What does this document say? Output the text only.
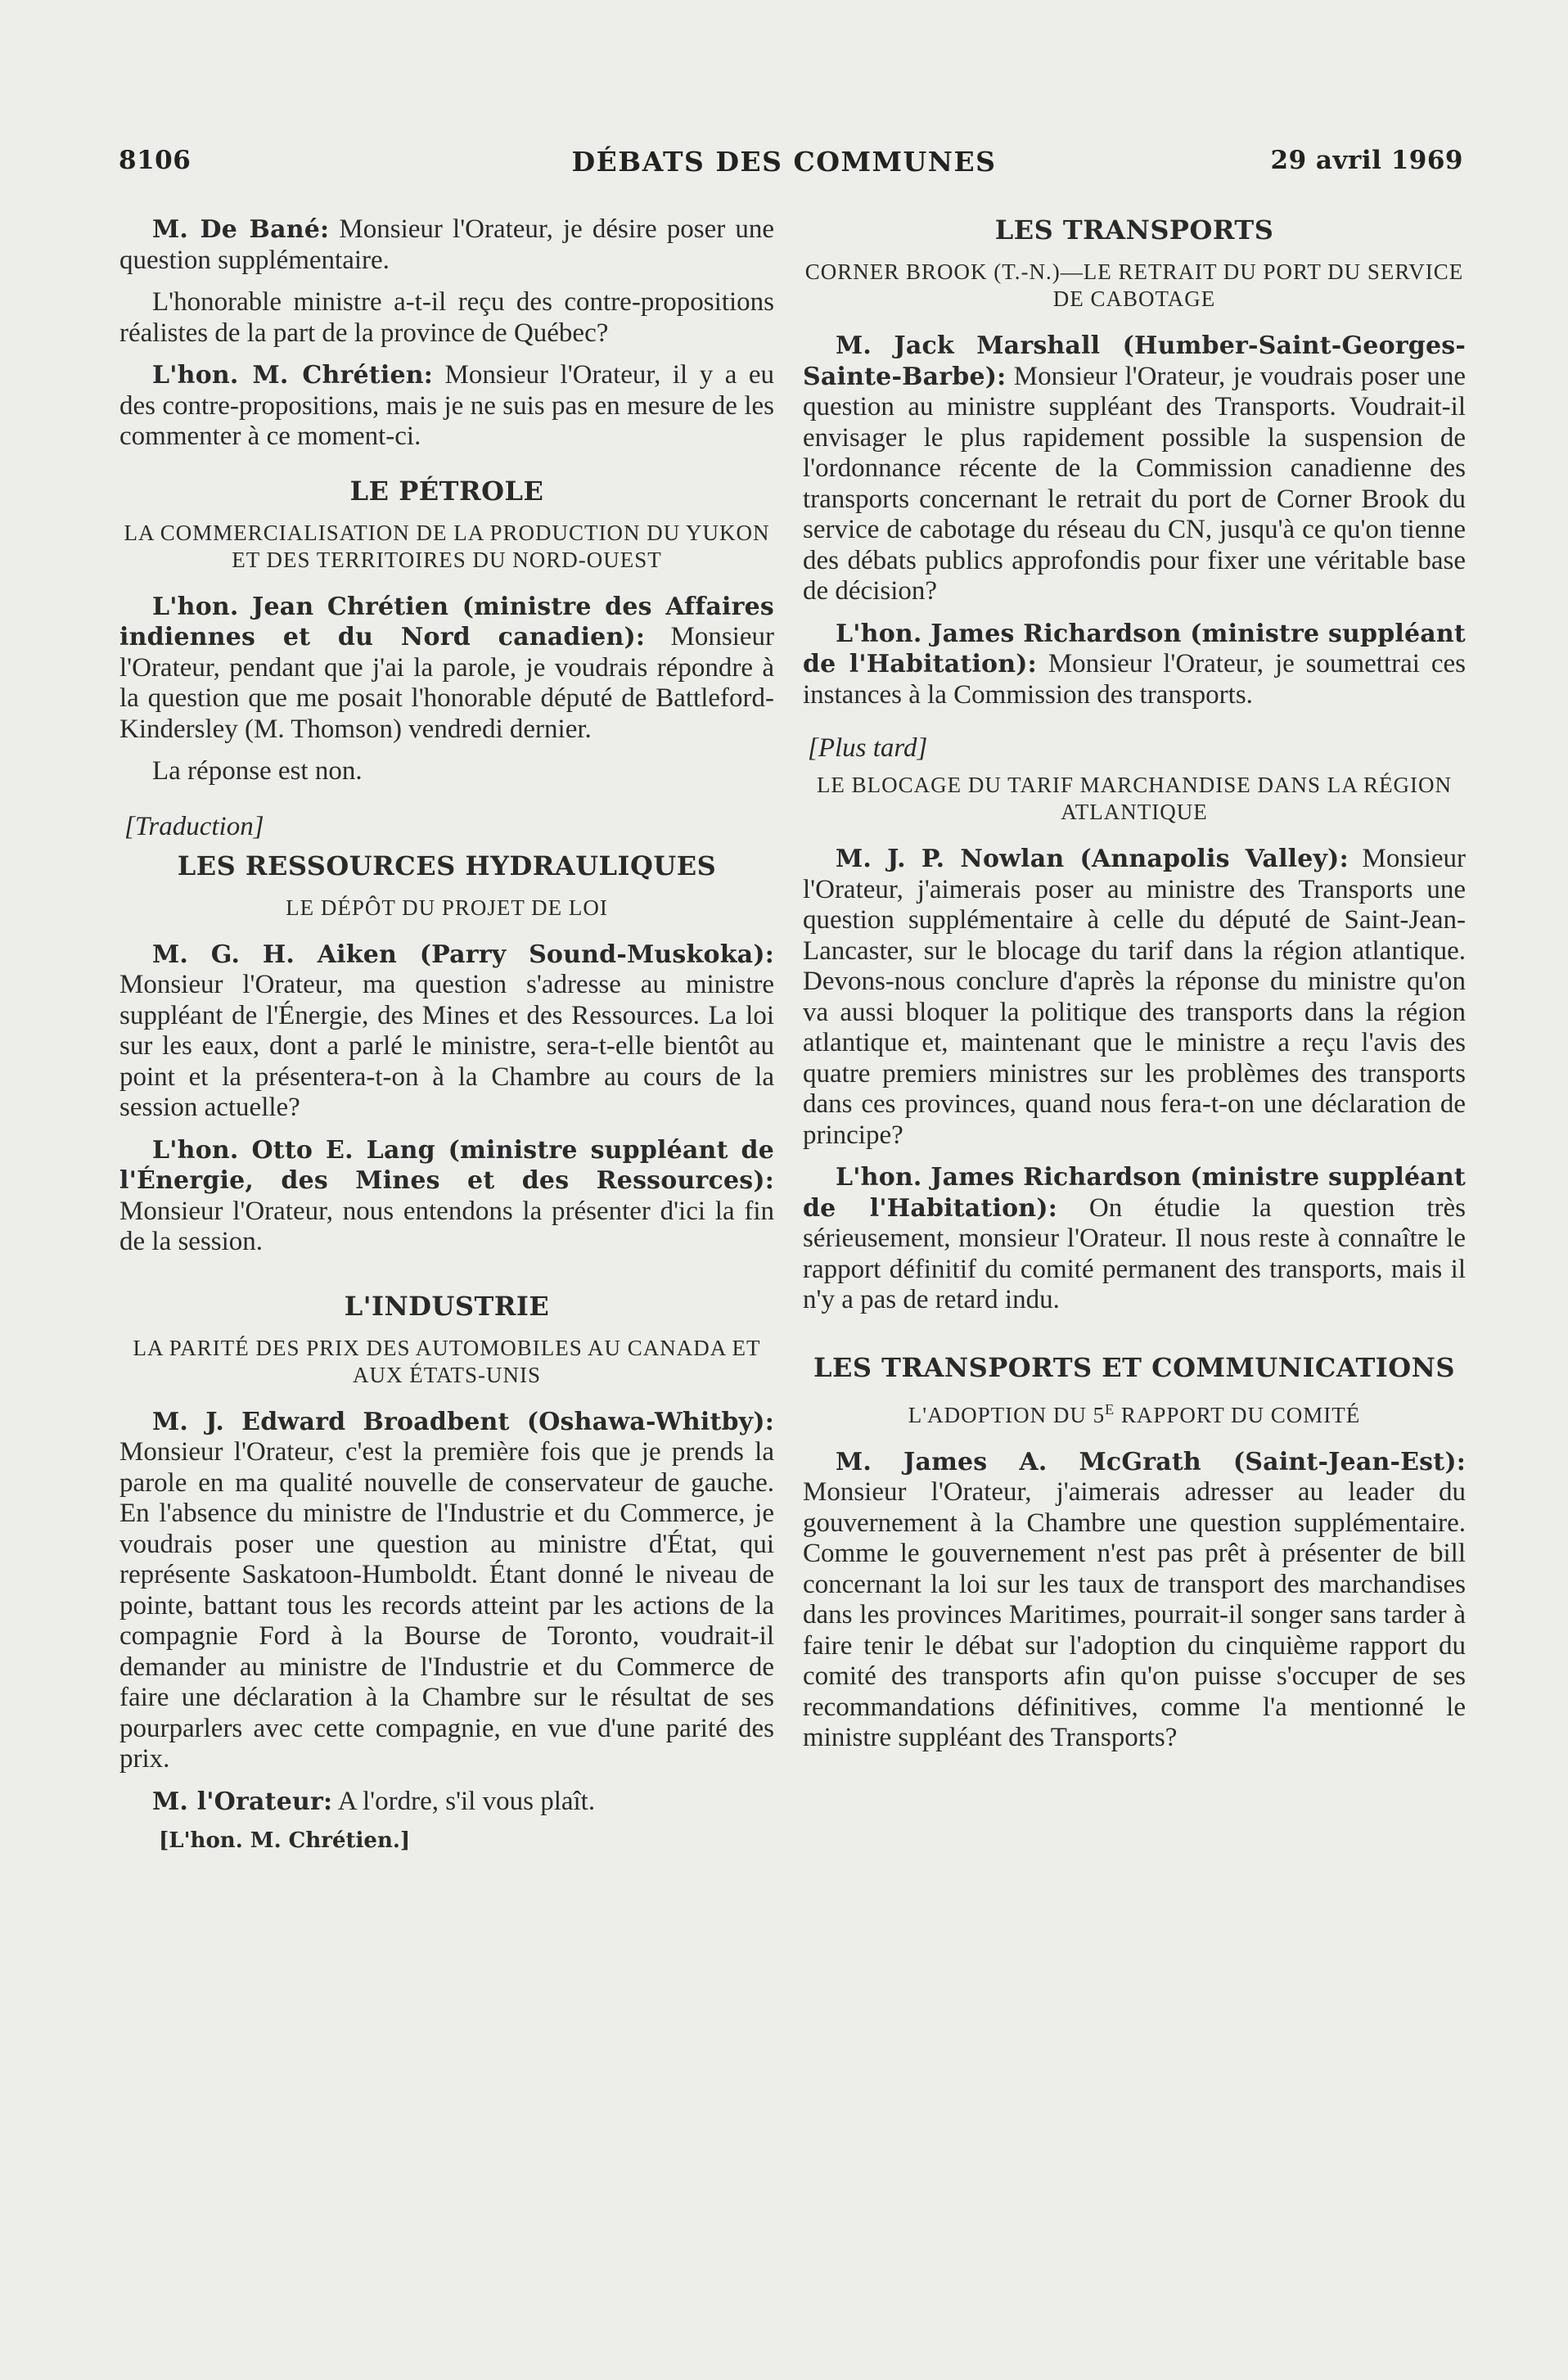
8106	DÉBATS DES COMMUNES	29 avril 1969

M. De Bané: Monsieur l'Orateur, je désire poser une question supplémentaire.

L'honorable ministre a-t-il reçu des contre-propositions réalistes de la part de la province de Québec?

L'hon. M. Chrétien: Monsieur l'Orateur, il y a eu des contre-propositions, mais je ne suis pas en mesure de les commenter à ce moment-ci.

LE PÉTROLE
LA COMMERCIALISATION DE LA PRODUCTION DU YUKON ET DES TERRITOIRES DU NORD-OUEST

L'hon. Jean Chrétien (ministre des Affaires indiennes et du Nord canadien): Monsieur l'Orateur, pendant que j'ai la parole, je voudrais répondre à la question que me posait l'honorable député de Battleford-Kindersley (M. Thomson) vendredi dernier.

La réponse est non.

[Traduction]
LES RESSOURCES HYDRAULIQUES
LE DÉPÔT DU PROJET DE LOI

M. G. H. Aiken (Parry Sound-Muskoka): Monsieur l'Orateur, ma question s'adresse au ministre suppléant de l'Énergie, des Mines et des Ressources. La loi sur les eaux, dont a parlé le ministre, sera-t-elle bientôt au point et la présentera-t-on à la Chambre au cours de la session actuelle?

L'hon. Otto E. Lang (ministre suppléant de l'Énergie, des Mines et des Ressources): Monsieur l'Orateur, nous entendons la présenter d'ici la fin de la session.

L'INDUSTRIE
LA PARITÉ DES PRIX DES AUTOMOBILES AU CANADA ET AUX ÉTATS-UNIS

M. J. Edward Broadbent (Oshawa-Whitby): Monsieur l'Orateur, c'est la première fois que je prends la parole en ma qualité nouvelle de conservateur de gauche. En l'absence du ministre de l'Industrie et du Commerce, je voudrais poser une question au ministre d'État, qui représente Saskatoon-Humboldt. Étant donné le niveau de pointe, battant tous les records atteint par les actions de la compagnie Ford à la Bourse de Toronto, voudrait-il demander au ministre de l'Industrie et du Commerce de faire une déclaration à la Chambre sur le résultat de ses pourparlers avec cette compagnie, en vue d'une parité des prix.

M. l'Orateur: A l'ordre, s'il vous plaît.

[L'hon. M. Chrétien.]
LES TRANSPORTS
CORNER BROOK (T.-N.)—LE RETRAIT DU PORT DU SERVICE DE CABOTAGE

M. Jack Marshall (Humber-Saint-Georges-Sainte-Barbe): Monsieur l'Orateur, je voudrais poser une question au ministre suppléant des Transports. Voudrait-il envisager le plus rapidement possible la suspension de l'ordonnance récente de la Commission canadienne des transports concernant le retrait du port de Corner Brook du service de cabotage du réseau du CN, jusqu'à ce qu'on tienne des débats publics approfondis pour fixer une véritable base de décision?

L'hon. James Richardson (ministre suppléant de l'Habitation): Monsieur l'Orateur, je soumettrai ces instances à la Commission des transports.

[Plus tard]
LE BLOCAGE DU TARIF MARCHANDISE DANS LA RÉGION ATLANTIQUE

M. J. P. Nowlan (Annapolis Valley): Monsieur l'Orateur, j'aimerais poser au ministre des Transports une question supplémentaire à celle du député de Saint-Jean-Lancaster, sur le blocage du tarif dans la région atlantique. Devons-nous conclure d'après la réponse du ministre qu'on va aussi bloquer la politique des transports dans la région atlantique et, maintenant que le ministre a reçu l'avis des quatre premiers ministres sur les problèmes des transports dans ces provinces, quand nous fera-t-on une déclaration de principe?

L'hon. James Richardson (ministre suppléant de l'Habitation): On étudie la question très sérieusement, monsieur l'Orateur. Il nous reste à connaître le rapport définitif du comité permanent des transports, mais il n'y a pas de retard indu.

LES TRANSPORTS ET COMMUNICATIONS
L'ADOPTION DU $5^E$ RAPPORT DU COMITÉ

M. James A. McGrath (Saint-Jean-Est): Monsieur l'Orateur, j'aimerais adresser au leader du gouvernement à la Chambre une question supplémentaire. Comme le gouvernement n'est pas prêt à présenter de bill concernant la loi sur les taux de transport des marchandises dans les provinces Maritimes, pourrait-il songer sans tarder à faire tenir le débat sur l'adoption du cinquième rapport du comité des transports afin qu'on puisse s'occuper de ses recommandations définitives, comme l'a mentionné le ministre suppléant des Transports?
